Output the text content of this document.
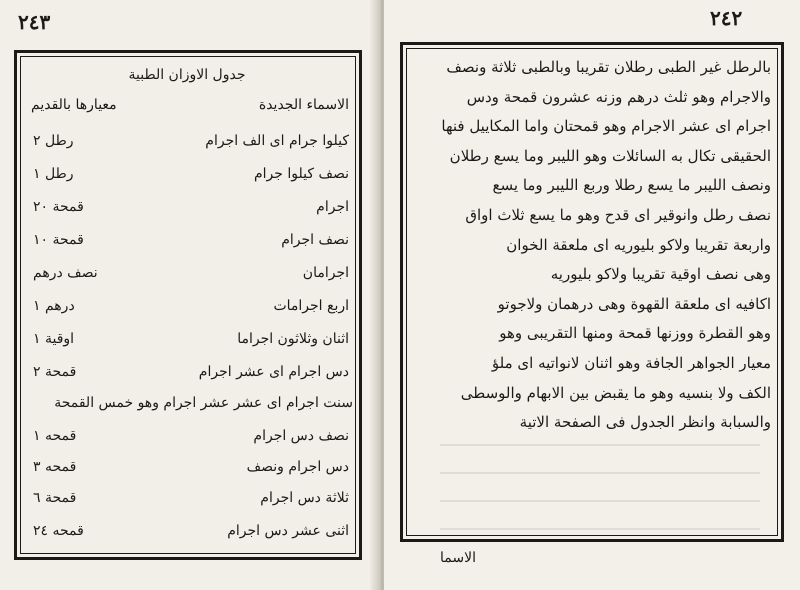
٢٤٣
جدول الاوزان الطبية
الاسماء الجديدة
معيارها بالقديم
كيلوا جرام اى الف اجرام
رطل ٢
نصف كيلوا جرام
رطل ١
اجرام
قمحة ٢٠
نصف اجرام
قمحة ١٠
اجرامان
نصف درهم
اربع اجرامات
درهم ١
اثنان وثلاثون اجراما
اوقية ١
دس اجرام اى عشر اجرام
قمحة ٢
سنت اجرام اى عشر عشر اجرام وهو خمس القمحة
نصف دس اجرام
قمحه ١
دس اجرام ونصف
قمحه ٣
ثلاثة دس اجرام
قمحة ٦
اثنى عشر دس اجرام
قمحه ٢٤
٢٤٢
بالرطل غير الطبى رطلان تقريبا وبالطبى ثلاثة ونصف
والاجرام وهو ثلث درهم وزنه عشرون قمحة ودس
اجرام اى عشر الاجرام وهو قمحتان واما المكاييل فنها
الحقيقى تكال به السائلات وهو الليبر وما يسع رطلان
ونصف الليبر ما يسع رطلا وربع الليبر وما يسع
نصف رطل وانوقير اى قدح وهو ما يسع ثلاث اواق
واربعة تقريبا ولاكو بليوريه اى ملعقة الخوان
وهى نصف اوقية تقريبا ولاكو بليوريه
اكافيه اى ملعقة القهوة وهى درهمان ولاجوتو
وهو القطرة ووزنها قمحة ومنها التقريبى وهو
معيار الجواهر الجافة وهو اثنان لانواتيه اى ملؤ
الكف ولا بنسيه وهو ما يقبض بين الابهام والوسطى
والسبابة وانظر الجدول فى الصفحة الاتية
الاسما
